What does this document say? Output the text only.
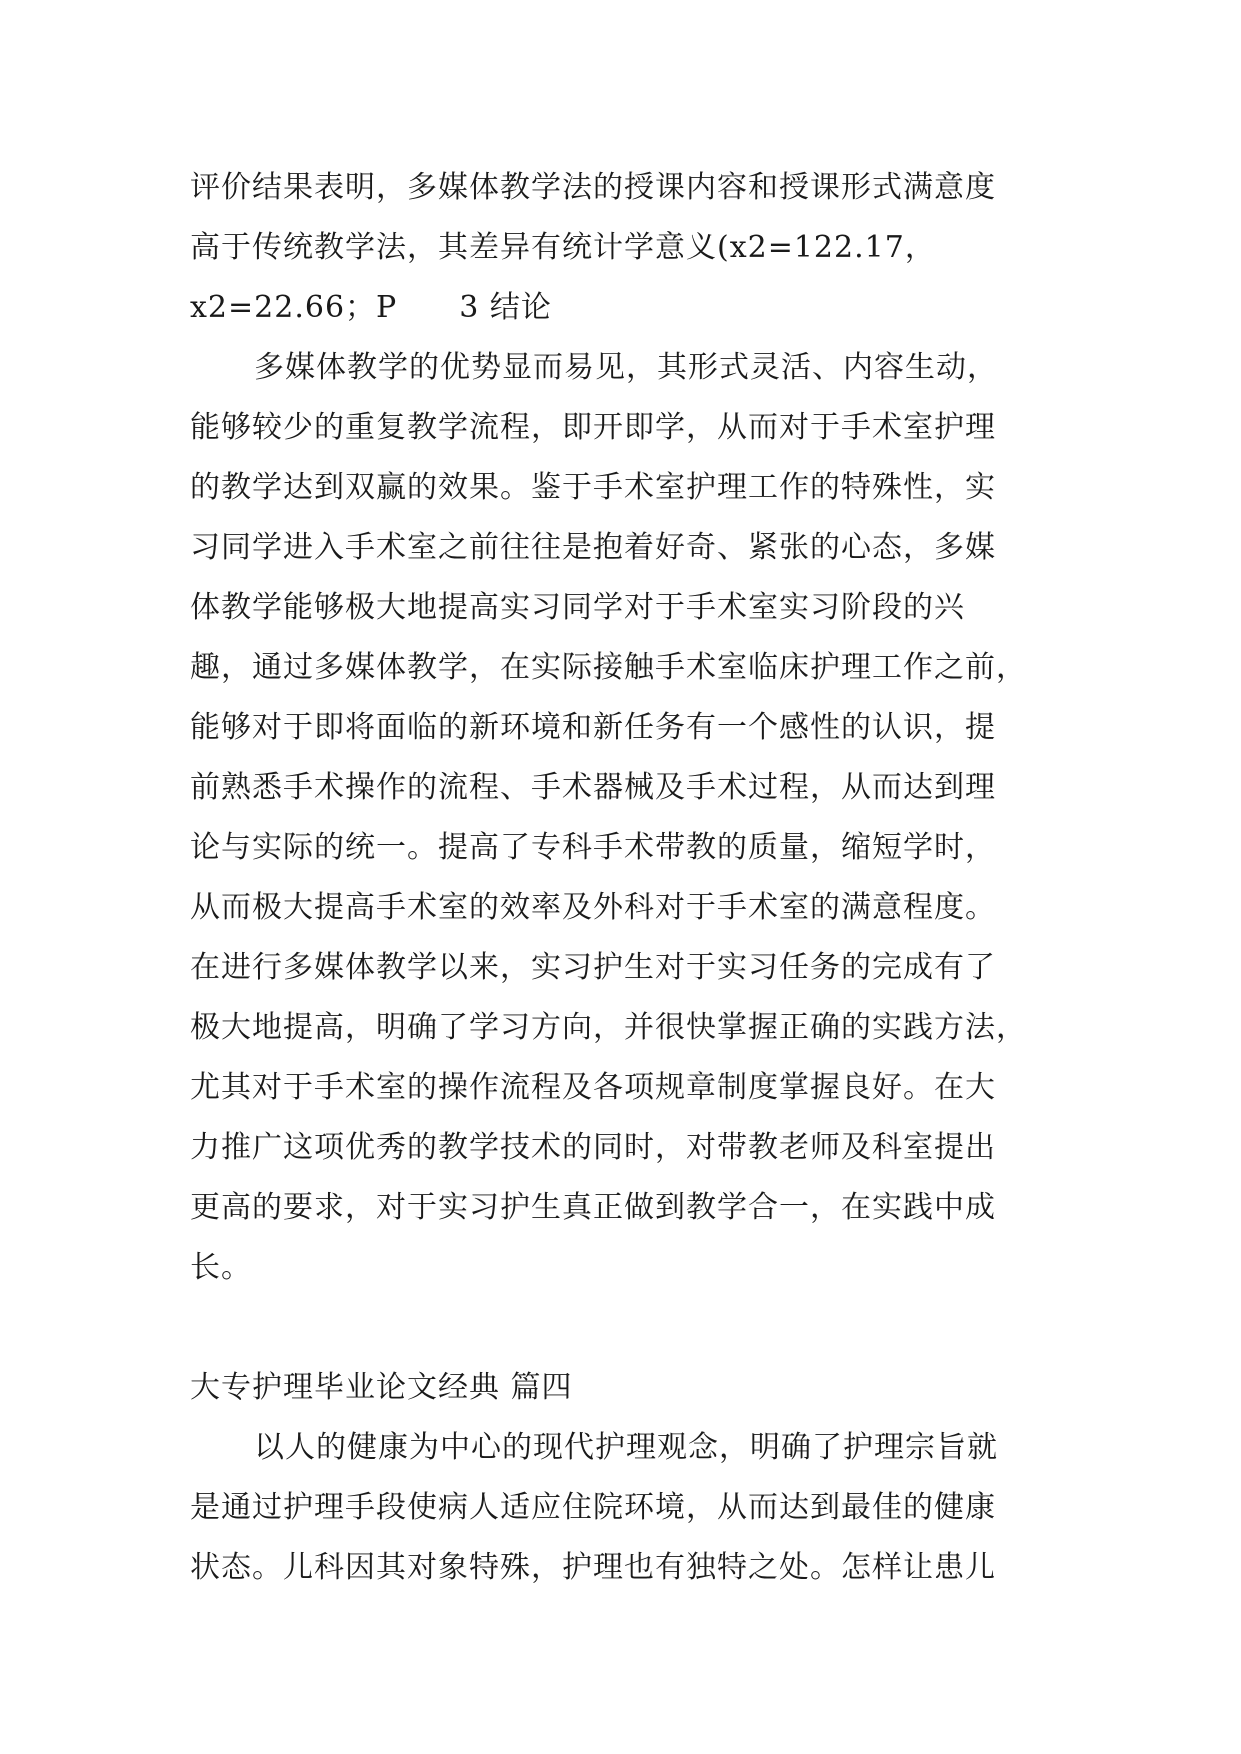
评价结果表明，多媒体教学法的授课内容和授课形式满意度
高于传统教学法，其差异有统计学意义(x2=122.17，
x2=22.66；P　　3 结论
多媒体教学的优势显而易见，其形式灵活、内容生动，
能够较少的重复教学流程，即开即学，从而对于手术室护理
的教学达到双赢的效果。鉴于手术室护理工作的特殊性，实
习同学进入手术室之前往往是抱着好奇、紧张的心态，多媒
体教学能够极大地提高实习同学对于手术室实习阶段的兴
趣，通过多媒体教学，在实际接触手术室临床护理工作之前，
能够对于即将面临的新环境和新任务有一个感性的认识，提
前熟悉手术操作的流程、手术器械及手术过程，从而达到理
论与实际的统一。提高了专科手术带教的质量，缩短学时，
从而极大提高手术室的效率及外科对于手术室的满意程度。
在进行多媒体教学以来，实习护生对于实习任务的完成有了
极大地提高，明确了学习方向，并很快掌握正确的实践方法，
尤其对于手术室的操作流程及各项规章制度掌握良好。在大
力推广这项优秀的教学技术的同时，对带教老师及科室提出
更高的要求，对于实习护生真正做到教学合一，在实践中成
长。
大专护理毕业论文经典 篇四
以人的健康为中心的现代护理观念，明确了护理宗旨就
是通过护理手段使病人适应住院环境，从而达到最佳的健康
状态。儿科因其对象特殊，护理也有独特之处。怎样让患儿
